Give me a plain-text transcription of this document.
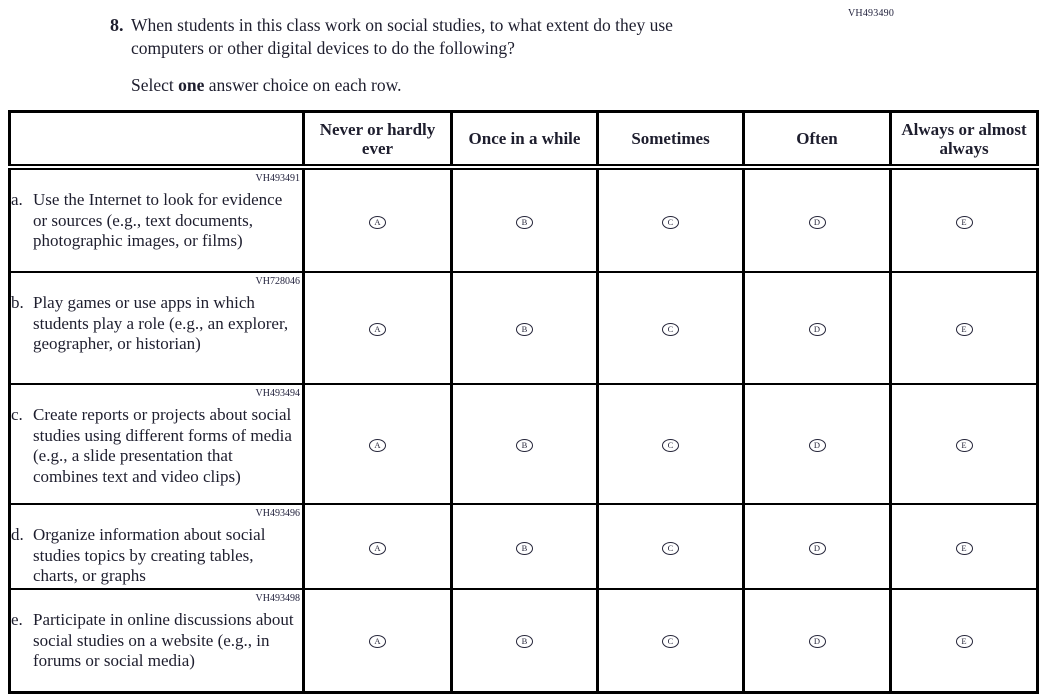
VH493490
8. When students in this class work on social studies, to what extent do they use
computers or other digital devices to do the following?
Select one answer choice on each row.
	Never or hardly ever	Once in a while	Sometimes	Often	Always or almost always

VH493491
a. Use the Internet to look for evidence or sources (e.g., text documents, photographic images, or films)	A	B	C	D	E

VH728046
b. Play games or use apps in which students play a role (e.g., an explorer, geographer, or historian)	A	B	C	D	E

VH493494
c. Create reports or projects about social studies using different forms of media (e.g., a slide presentation that combines text and video clips)	A	B	C	D	E

VH493496
d. Organize information about social studies topics by creating tables, charts, or graphs	A	B	C	D	E

VH493498
e. Participate in online discussions about social studies on a website (e.g., in forums or social media)	A	B	C	D	E
